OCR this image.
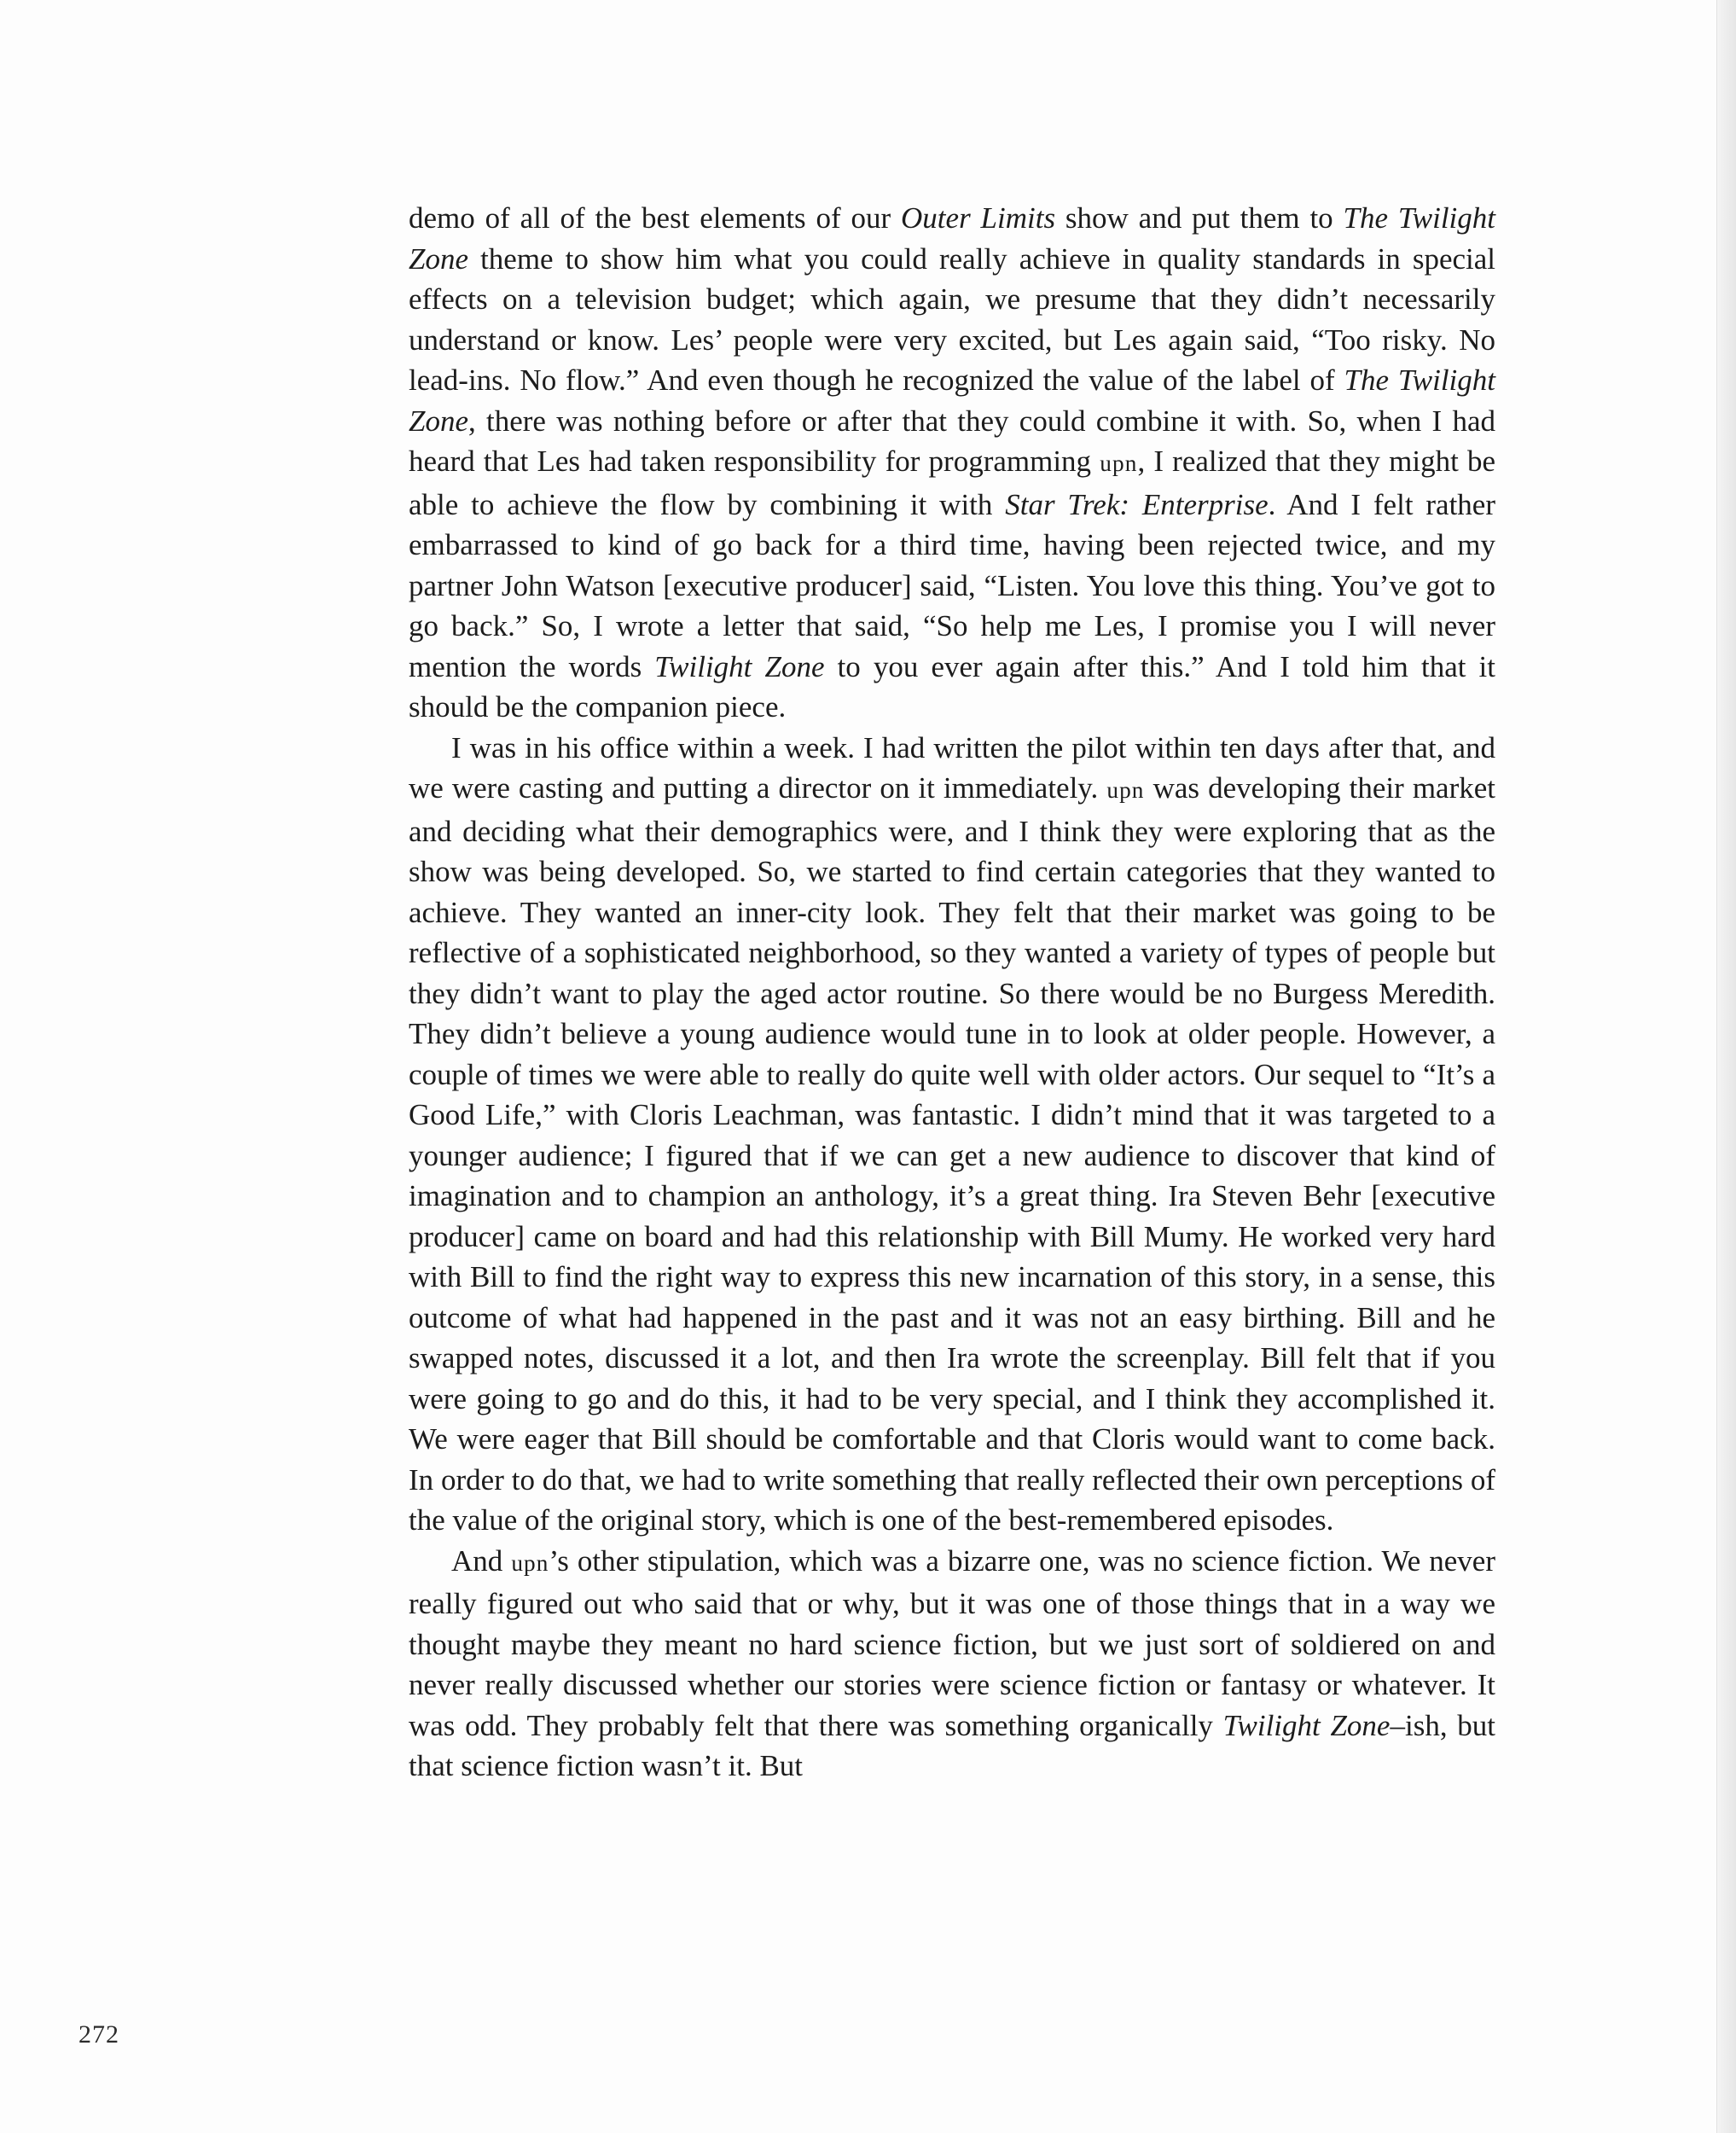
demo of all of the best elements of our Outer Limits show and put them to The Twilight Zone theme to show him what you could really achieve in quality standards in special effects on a television budget; which again, we presume that they didn’t necessarily understand or know. Les’ people were very excited, but Les again said, “Too risky. No lead-ins. No flow.” And even though he recognized the value of the label of The Twilight Zone, there was nothing before or after that they could combine it with. So, when I had heard that Les had taken responsibility for programming upn, I realized that they might be able to achieve the flow by combining it with Star Trek: Enterprise. And I felt rather embarrassed to kind of go back for a third time, having been rejected twice, and my partner John Watson [executive producer] said, “Listen. You love this thing. You’ve got to go back.” So, I wrote a letter that said, “So help me Les, I promise you I will never mention the words Twilight Zone to you ever again after this.” And I told him that it should be the companion piece.

I was in his office within a week. I had written the pilot within ten days after that, and we were casting and putting a director on it immediately. upn was developing their market and deciding what their demographics were, and I think they were exploring that as the show was being developed. So, we started to find certain categories that they wanted to achieve. They wanted an inner-city look. They felt that their market was going to be reflective of a sophisticated neighborhood, so they wanted a variety of types of people but they didn’t want to play the aged actor routine. So there would be no Burgess Meredith. They didn’t believe a young audience would tune in to look at older people. However, a couple of times we were able to really do quite well with older actors. Our sequel to “It’s a Good Life,” with Cloris Leachman, was fantastic. I didn’t mind that it was targeted to a younger audience; I figured that if we can get a new audience to discover that kind of imagination and to champion an anthology, it’s a great thing. Ira Steven Behr [executive producer] came on board and had this relationship with Bill Mumy. He worked very hard with Bill to find the right way to express this new incarnation of this story, in a sense, this outcome of what had happened in the past and it was not an easy birthing. Bill and he swapped notes, discussed it a lot, and then Ira wrote the screenplay. Bill felt that if you were going to go and do this, it had to be very special, and I think they accomplished it. We were eager that Bill should be comfortable and that Cloris would want to come back. In order to do that, we had to write something that really reflected their own perceptions of the value of the original story, which is one of the best-remembered episodes.

And upn’s other stipulation, which was a bizarre one, was no science fiction. We never really figured out who said that or why, but it was one of those things that in a way we thought maybe they meant no hard science fiction, but we just sort of soldiered on and never really discussed whether our stories were science fiction or fantasy or whatever. It was odd. They probably felt that there was something organically Twilight Zone–ish, but that science fiction wasn’t it. But

272
